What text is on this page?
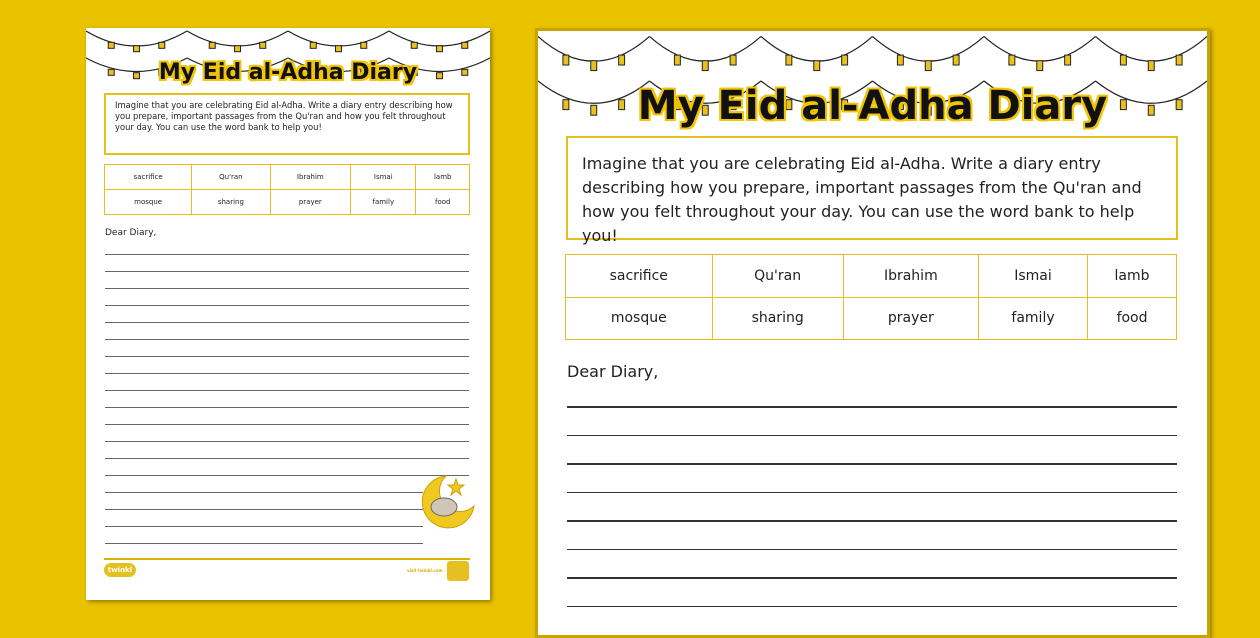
My Eid al-Adha Diary
Imagine that you are celebrating Eid al-Adha. Write a diary entry describing how you prepare, important passages from the Qu'ran and how you felt throughout your day. You can use the word bank to help you!
sacrifice	Qu'ran	Ibrahim	Ismai	lamb
mosque	sharing	prayer	family	food
Dear Diary,
twinkl	visit twinkl.com
My Eid al-Adha Diary
Imagine that you are celebrating Eid al-Adha. Write a diary entry describing how you prepare, important passages from the Qu'ran and how you felt throughout your day. You can use the word bank to help you!
sacrifice	Qu'ran	Ibrahim	Ismai	lamb
mosque	sharing	prayer	family	food
Dear Diary,
